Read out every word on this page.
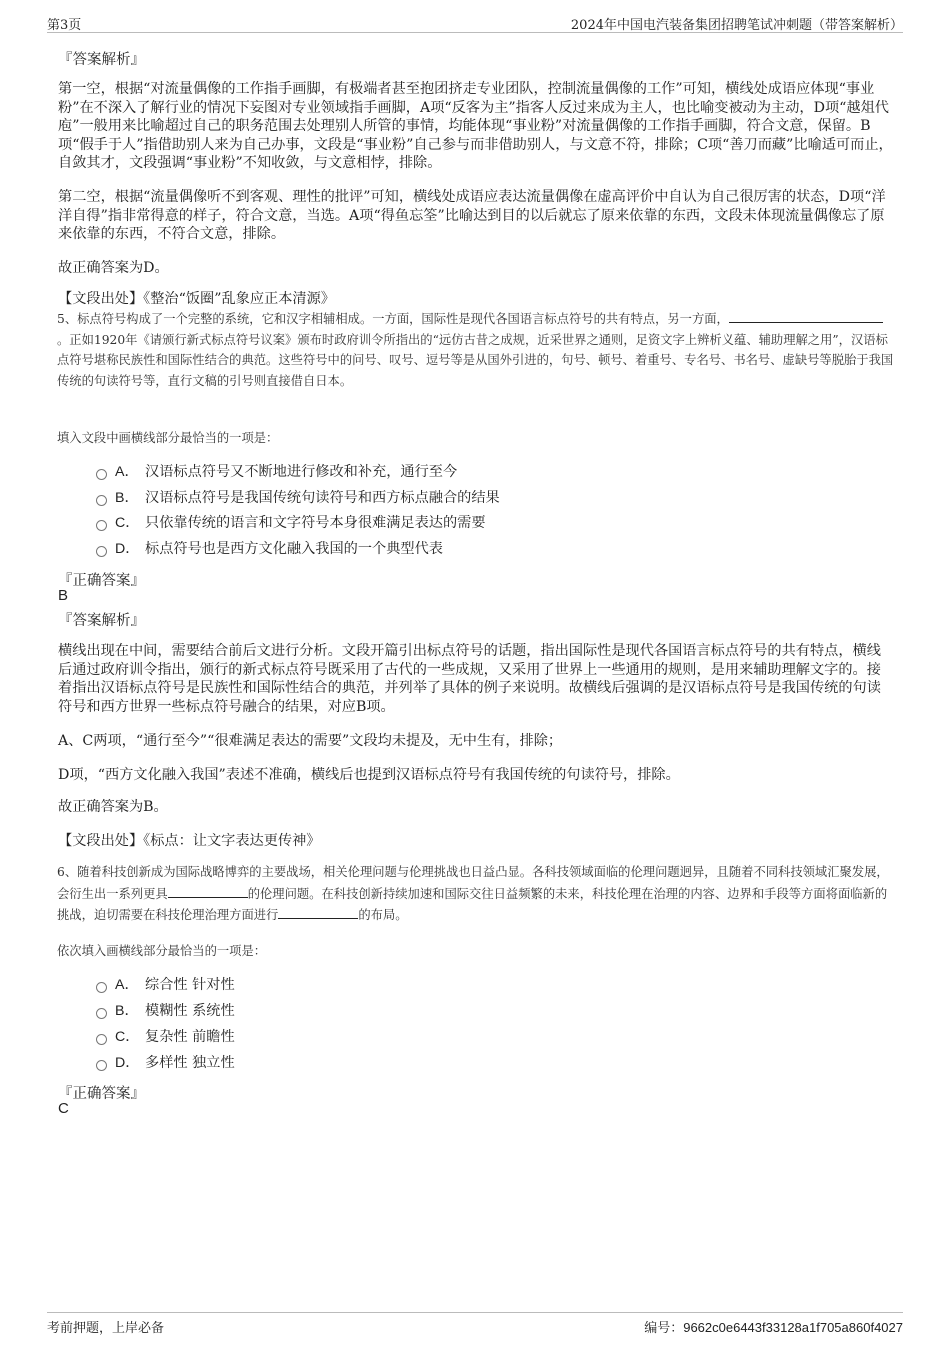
第3页	2024年中国电汽装备集团招聘笔试冲刺题（带答案解析）
『答案解析』

第一空，根据“对流量偶像的工作指手画脚，有极端者甚至抱团挤走专业团队，控制流量偶像的工作”可知，横线处成语应体现“事业粉”在不深入了解行业的情况下妄图对专业领域指手画脚，A项“反客为主”指客人反过来成为主人，也比喻变被动为主动，D项“越俎代庖”一般用来比喻超过自己的职务范围去处理别人所管的事情，均能体现“事业粉”对流量偶像的工作指手画脚，符合文意，保留。B项“假手于人”指借助别人来为自己办事，文段是“事业粉”自己参与而非借助别人，与文意不符，排除；C项“善刀而藏”比喻适可而止，自敛其才，文段强调“事业粉”不知收敛，与文意相悖，排除。

第二空，根据“流量偶像听不到客观、理性的批评”可知，横线处成语应表达流量偶像在虚高评价中自认为自己很厉害的状态，D项“洋洋自得”指非常得意的样子，符合文意，当选。A项“得鱼忘筌”比喻达到目的以后就忘了原来依靠的东西，文段未体现流量偶像忘了原来依靠的东西，不符合文意，排除。

故正确答案为D。

【文段出处】《整治“饭圈”乱象应正本清源》

5、标点符号构成了一个完整的系统，它和汉字相辅相成。一方面，国际性是现代各国语言标点符号的共有特点，另一方面，。正如1920年《请颁行新式标点符号议案》颁布时政府训令所指出的“远仿古昔之成规，近采世界之通则，足资文字上辨析义蕴、辅助理解之用”，汉语标点符号堪称民族性和国际性结合的典范。这些符号中的问号、叹号、逗号等是从国外引进的，句号、顿号、着重号、专名号、书名号、虚缺号等脱胎于我国传统的句读符号等，直行文稿的引号则直接借自日本。

填入文段中画横线部分最恰当的一项是：
A． 汉语标点符号又不断地进行修改和补充，通行至今
B． 汉语标点符号是我国传统句读符号和西方标点融合的结果
C． 只依靠传统的语言和文字符号本身很难满足表达的需要
D． 标点符号也是西方文化融入我国的一个典型代表
『正确答案』
B
『答案解析』

横线出现在中间，需要结合前后文进行分析。文段开篇引出标点符号的话题，指出国际性是现代各国语言标点符号的共有特点，横线后通过政府训令指出，颁行的新式标点符号既采用了古代的一些成规，又采用了世界上一些通用的规则，是用来辅助理解文字的。接着指出汉语标点符号是民族性和国际性结合的典范，并列举了具体的例子来说明。故横线后强调的是汉语标点符号是我国传统的句读符号和西方世界一些标点符号融合的结果，对应B项。

A、C两项，“通行至今”“很难满足表达的需要”文段均未提及，无中生有，排除；

D项，“西方文化融入我国”表述不准确，横线后也提到汉语标点符号有我国传统的句读符号，排除。

故正确答案为B。

【文段出处】《标点：让文字表达更传神》

6、随着科技创新成为国际战略博弈的主要战场，相关伦理问题与伦理挑战也日益凸显。各科技领域面临的伦理问题迥异，且随着不同科技领域汇聚发展，会衍生出一系列更具	的伦理问题。在科技创新持续加速和国际交往日益频繁的未来，科技伦理在治理的内容、边界和手段等方面将面临新的挑战，迫切需要在科技伦理治理方面进行	的布局。

依次填入画横线部分最恰当的一项是：
A． 综合性 针对性
B． 模糊性 系统性
C． 复杂性 前瞻性
D． 多样性 独立性
『正确答案』
C
考前押题，上岸必备	编号：9662c0e6443f33128a1f705a860f4027
